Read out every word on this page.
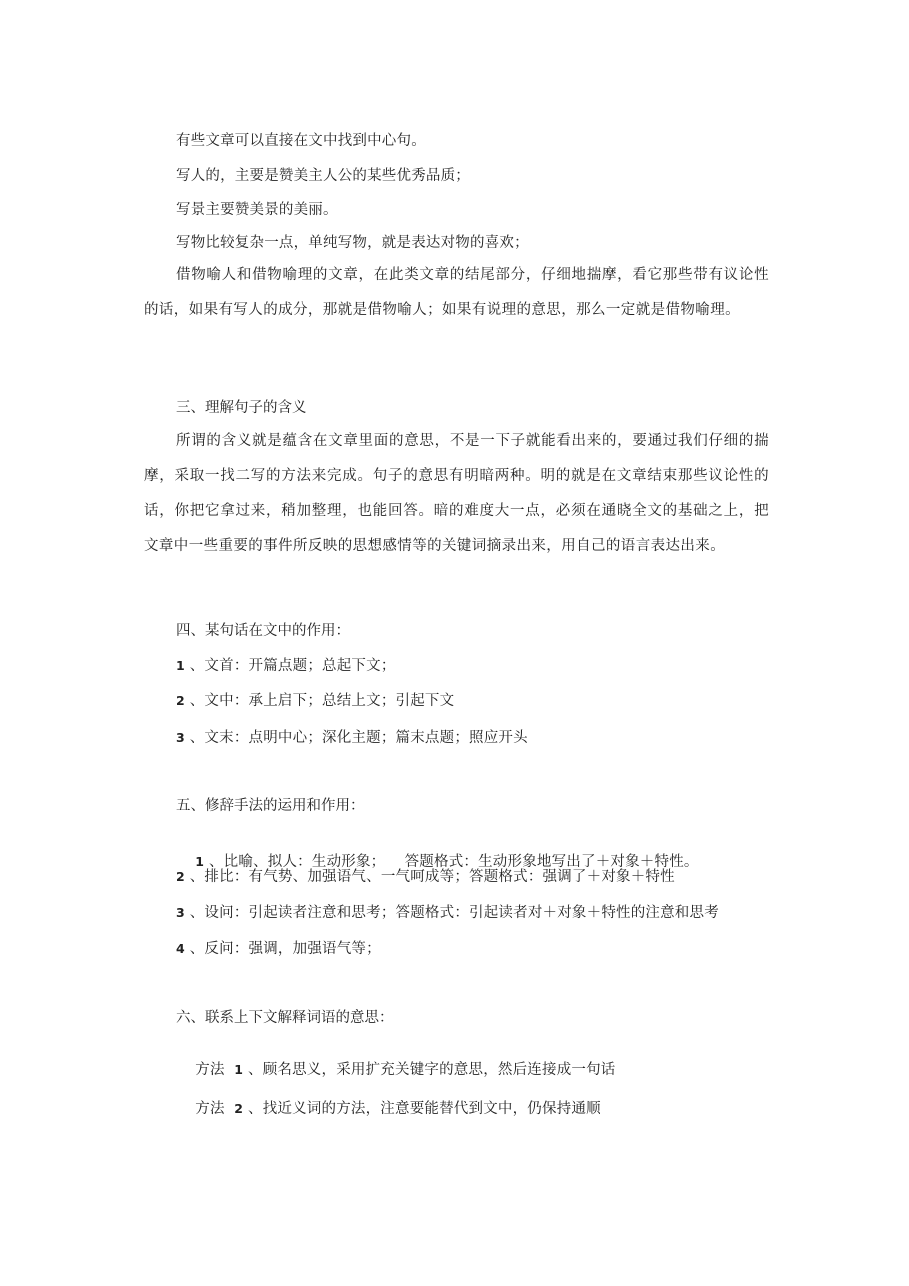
有些文章可以直接在文中找到中心句。
写人的，主要是赞美主人公的某些优秀品质；
写景主要赞美景的美丽。
写物比较复杂一点，单纯写物，就是表达对物的喜欢；
借物喻人和借物喻理的文章，在此类文章的结尾部分，仔细地揣摩，看它那些带有议论性的话，如果有写人的成分，那就是借物喻人；如果有说理的意思，那么一定就是借物喻理。
三、理解句子的含义
所谓的含义就是蕴含在文章里面的意思，不是一下子就能看出来的，要通过我们仔细的揣摩，采取一找二写的方法来完成。句子的意思有明暗两种。明的就是在文章结束那些议论性的话，你把它拿过来，稍加整理，也能回答。暗的难度大一点，必须在通晓全文的基础之上，把文章中一些重要的事件所反映的思想感情等的关键词摘录出来，用自己的语言表达出来。
四、某句话在文中的作用：
1 、文首：开篇点题；总起下文；
2 、文中：承上启下；总结上文；引起下文
3 、文末：点明中心；深化主题；篇末点题；照应开头
五、修辞手法的运用和作用：

1 、比喻、拟人：生动形象；    答题格式：生动形象地写出了＋对象＋特性。

2 、排比：有气势、加强语气、一气呵成等；答题格式：强调了＋对象＋特性
3 、设问：引起读者注意和思考；答题格式：引起读者对＋对象＋特性的注意和思考
4 、反问：强调，加强语气等；
六、联系上下文解释词语的意思：

方法  1 、顾名思义，采用扩充关键字的意思，然后连接成一句话

方法  2 、找近义词的方法，注意要能替代到文中，仍保持通顺
